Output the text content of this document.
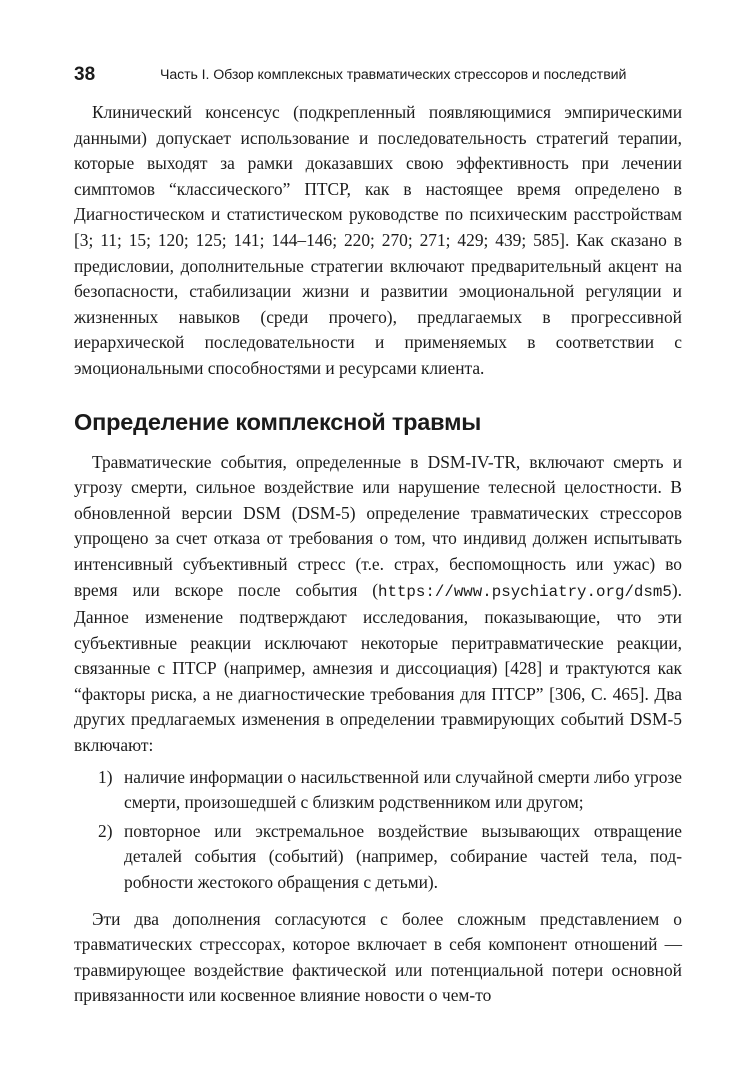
38	Часть I. Обзор комплексных травматических стрессоров и последствий

Клинический консенсус (подкрепленный появляющимися эмпирическими данными) допускает использование и последовательность стратегий терапии, которые выходят за рамки доказавших свою эффективность при лечении симптомов “классического” ПТСР, как в настоящее время определено в Диагностическом и статистическом руководстве по психическим расстройствам [3; 11; 15; 120; 125; 141; 144–146; 220; 270; 271; 429; 439; 585]. Как сказано в предисловии, дополнительные стратегии включают предварительный акцент на безопасности, стабилизации жизни и развитии эмоциональной регуляции и жизненных навыков (среди прочего), предлагаемых в прогрессивной иерархической последовательности и применяемых в соответствии с эмоциональными способностями и ресурсами клиента.

Определение комплексной травмы

Травматические события, определенные в DSM-IV-TR, включают смерть и угрозу смерти, сильное воздействие или нарушение телесной целостности. В обновленной версии DSM (DSM-5) определение травматических стрессоров упрощено за счет отказа от требования о том, что индивид должен испытывать интенсивный субъективный стресс (т.е. страх, беспомощность или ужас) во время или вскоре после события (https://www.psychiatry.org/dsm5). Данное изменение подтверждают исследования, показывающие, что эти субъективные реакции исключают некоторые перитравматические реакции, связанные с ПТСР (например, амнезия и диссоциация) [428] и трактуются как “факторы риска, а не диагностические требования для ПТСР” [306, С. 465]. Два других предлагаемых изменения в определении травмирующих событий DSM-5 включают:

1) наличие информации о насильственной или случайной смерти либо угрозе смерти, произошедшей с близким родственником или другом;
2) повторное или экстремальное воздействие вызывающих отвращение деталей события (событий) (например, собирание частей тела, подробности жестокого обращения с детьми).

Эти два дополнения согласуются с более сложным представлением о травматических стрессорах, которое включает в себя компонент отношений — травмирующее воздействие фактической или потенциальной потери основной привязанности или косвенное влияние новости о чем-то
